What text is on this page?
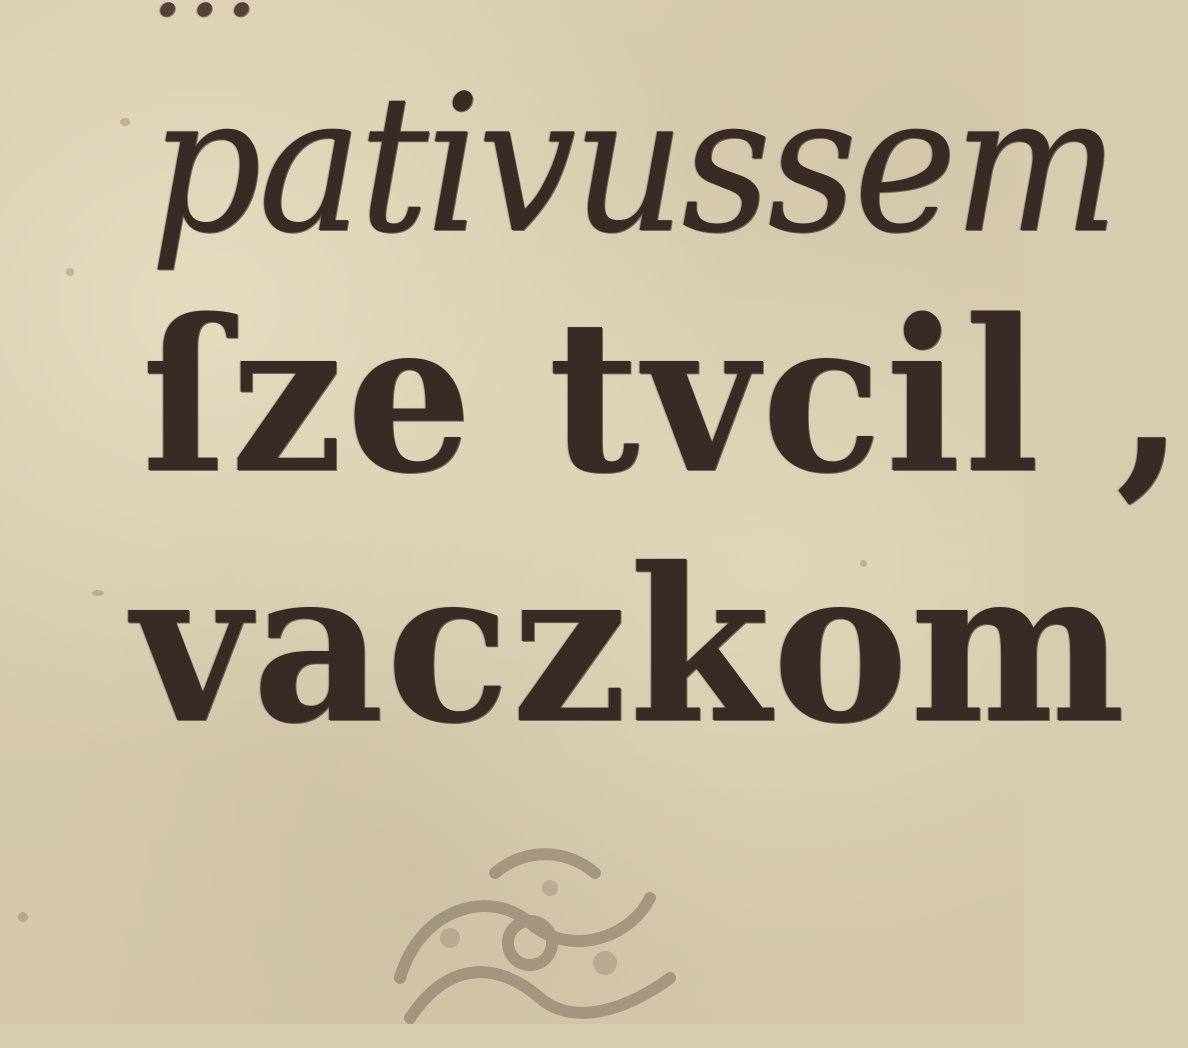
pativussem

ſze tvcil ,

vaczkom
